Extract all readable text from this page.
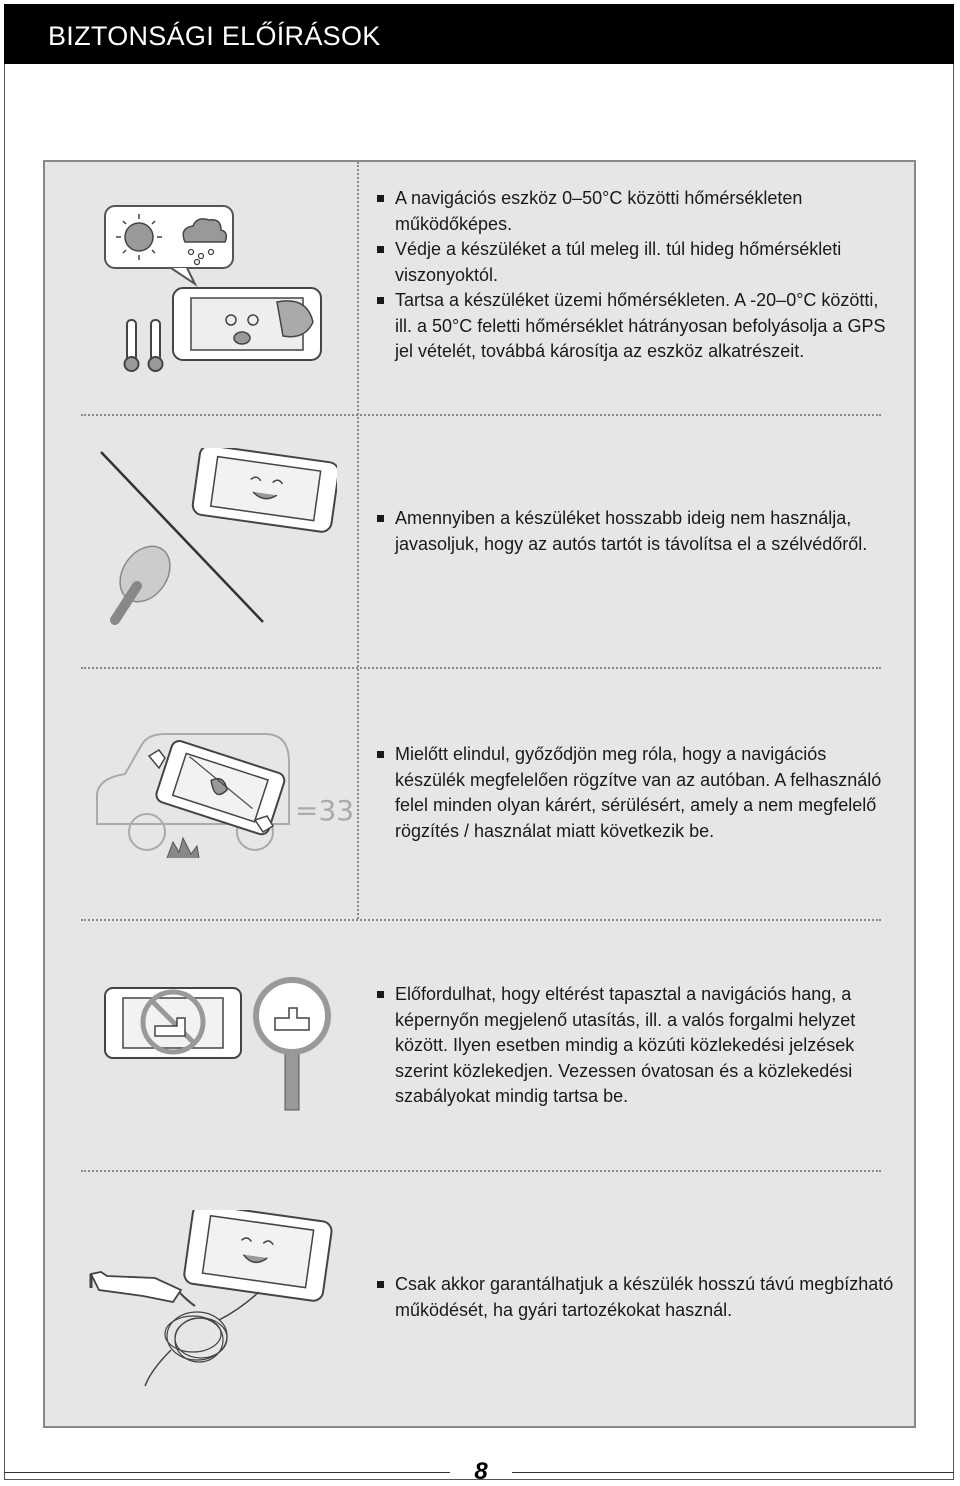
BIZTONSÁGI ELŐÍRÁSOK
A navigációs eszköz 0–50°C közötti hőmérsékleten működőképes.
Védje a készüléket a túl meleg ill. túl hideg hőmérsékleti viszonyoktól.
Tartsa a készüléket üzemi hőmérsékleten. A -20–0°C közötti, ill. a 50°C feletti hőmérséklet hátrányosan befolyásolja a GPS jel vételét, továbbá károsítja az eszköz alkatrészeit.
Amennyiben a készüléket hosszabb ideig nem használja, javasoljuk, hogy az autós tartót is távolítsa el a szélvédőről.
=33
Mielőtt elindul, győződjön meg róla, hogy a navigációs készülék megfelelően rögzítve van az autóban. A felhasználó felel minden olyan kárért, sérülésért, amely a nem megfelelő rögzítés / használat miatt következik be.
Előfordulhat, hogy eltérést tapasztal a navigációs hang, a képernyőn megjelenő utasítás, ill. a valós forgalmi helyzet között. Ilyen esetben mindig a közúti közlekedési jelzések szerint közlekedjen. Vezessen óvatosan és a közlekedési szabályokat mindig tartsa be.
Csak akkor garantálhatjuk a készülék hosszú távú megbízható működését, ha gyári tartozékokat használ.
8
